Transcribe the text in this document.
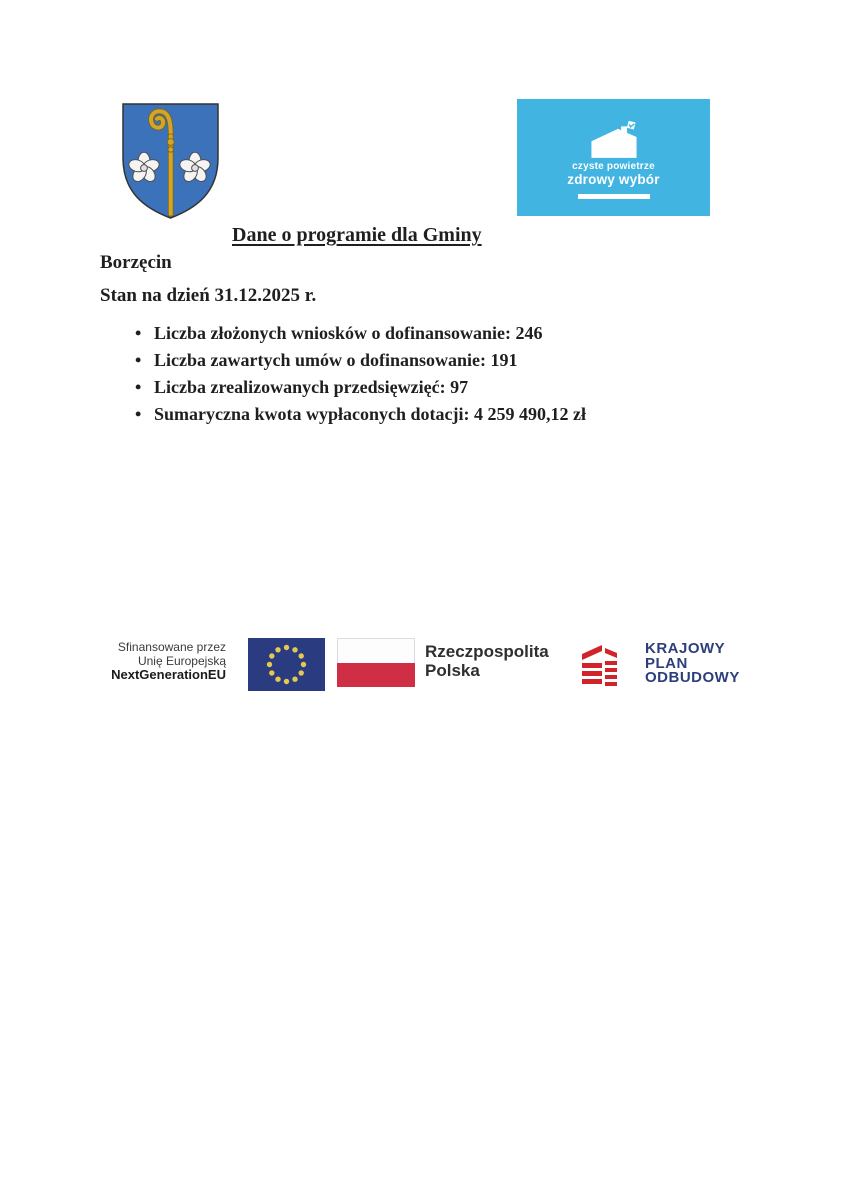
czyste powietrze
zdrowy wybór
Dane o programie dla Gminy
Borzęcin
Stan na dzień 31.12.2025 r.
• Liczba złożonych wniosków o dofinansowanie: 246
• Liczba zawartych umów o dofinansowanie: 191
• Liczba zrealizowanych przedsięwzięć: 97
• Sumaryczna kwota wypłaconych dotacji: 4 259 490,12 zł
Sfinansowane przez
Unię Europejską
NextGenerationEU
Rzeczpospolita
Polska
KRAJOWY
PLAN
ODBUDOWY
